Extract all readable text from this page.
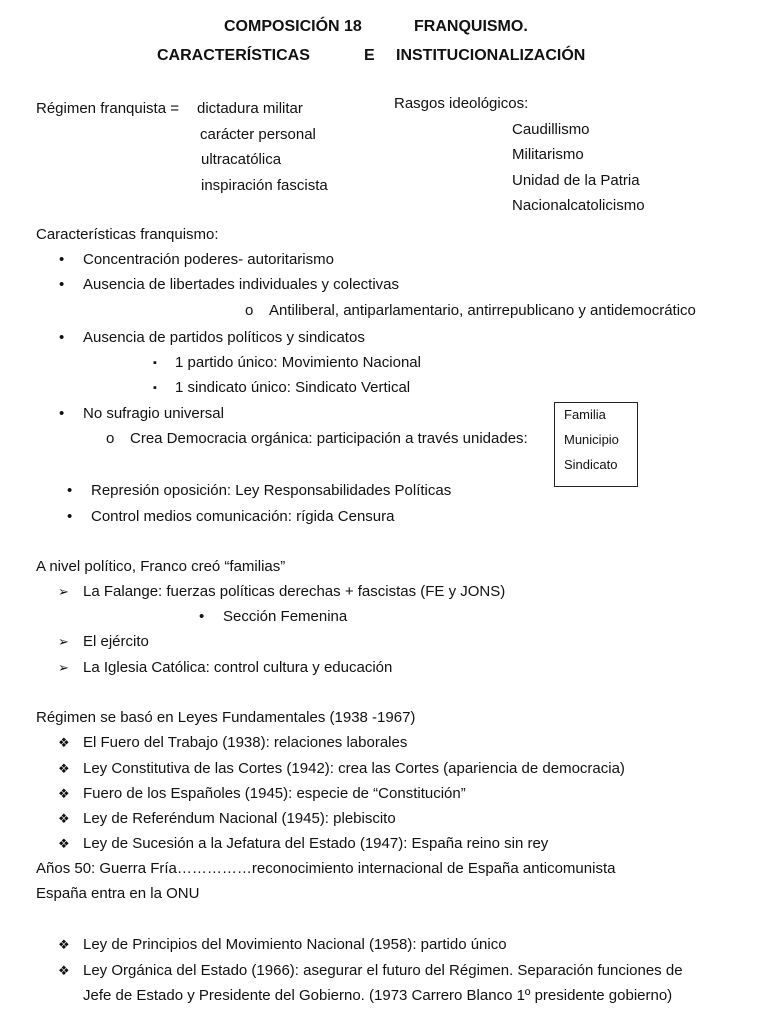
COMPOSICIÓN 18	FRANQUISMO.
CARACTERÍSTICAS	E INSTITUCIONALIZACIÓN
Régimen franquista = dictadura militar
carácter personal
ultracatólica
inspiración fascista
Rasgos ideológicos:
Caudillismo
Militarismo
Unidad de la Patria
Nacionalcatolicismo
Características franquismo:
• Concentración poderes- autoritarismo
• Ausencia de libertades individuales y colectivas
o Antiliberal, antiparlamentario, antirrepublicano y antidemocrático
• Ausencia de partidos políticos y sindicatos
▪ 1 partido único: Movimiento Nacional
▪ 1 sindicato único: Sindicato Vertical
• No sufragio universal
o Crea Democracia orgánica: participación a través unidades:
Familia
Municipio
Sindicato
• Represión oposición: Ley Responsabilidades Políticas
• Control medios comunicación: rígida Censura
A nivel político, Franco creó “familias”
➢ La Falange: fuerzas políticas derechas + fascistas (FE y JONS)
• Sección Femenina
➢ El ejército
➢ La Iglesia Católica: control cultura y educación
Régimen se basó en Leyes Fundamentales (1938 -1967)
❖ El Fuero del Trabajo (1938): relaciones laborales
❖ Ley Constitutiva de las Cortes (1942): crea las Cortes (apariencia de democracia)
❖ Fuero de los Españoles (1945): especie de “Constitución”
❖ Ley de Referéndum Nacional (1945): plebiscito
❖ Ley de Sucesión a la Jefatura del Estado (1947): España reino sin rey
Años 50: Guerra Fría……………reconocimiento internacional de España anticomunista
España entra en la ONU
❖ Ley de Principios del Movimiento Nacional (1958): partido único
❖ Ley Orgánica del Estado (1966): asegurar el futuro del Régimen. Separación funciones de
Jefe de Estado y Presidente del Gobierno. (1973 Carrero Blanco 1º presidente gobierno)
